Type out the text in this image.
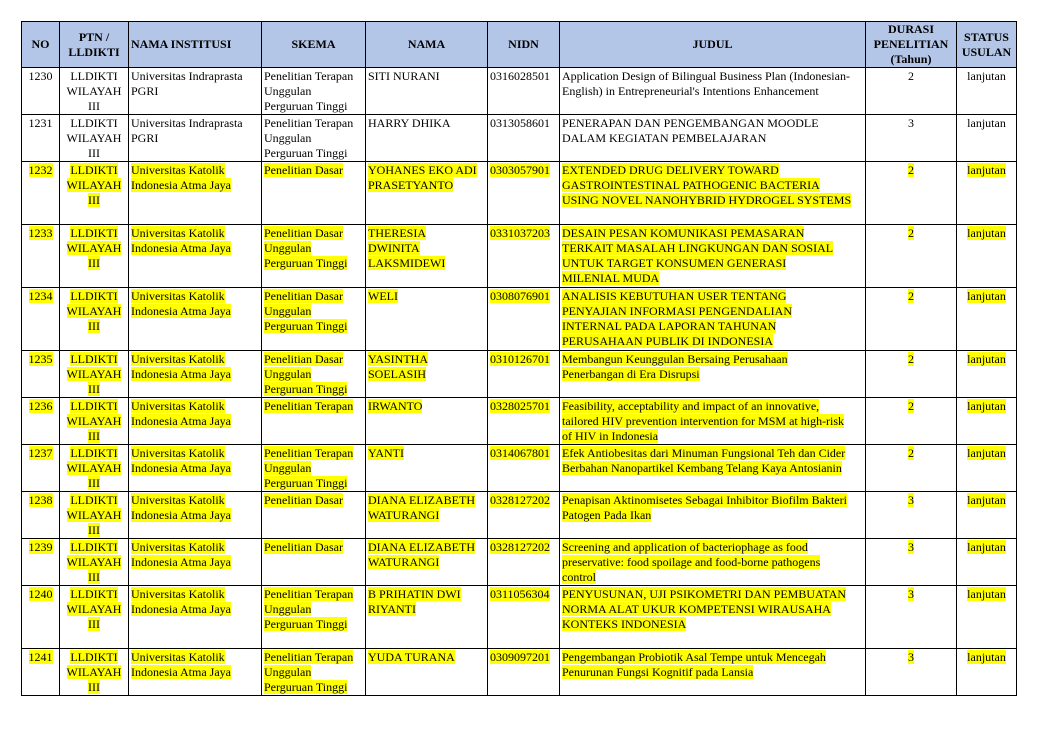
NO	PTN /
LLDIKTI	NAMA INSTITUSI	SKEMA	NAMA	NIDN	JUDUL	DURASI
PENELITIAN
(Tahun)	STATUS
USULAN
1230	LLDIKTI
WILAYAH
III	Universitas Indraprasta
PGRI	Penelitian Terapan
Unggulan
Perguruan Tinggi	SITI NURANI	0316028501	Application Design of Bilingual Business Plan (Indonesian-
English) in Entrepreneurial's Intentions Enhancement	2	lanjutan
1231	LLDIKTI
WILAYAH
III	Universitas Indraprasta
PGRI	Penelitian Terapan
Unggulan
Perguruan Tinggi	HARRY DHIKA	0313058601	PENERAPAN DAN PENGEMBANGAN MOODLE
DALAM KEGIATAN PEMBELAJARAN	3	lanjutan
1232	LLDIKTI
WILAYAH
III	Universitas Katolik
Indonesia Atma Jaya	Penelitian Dasar	YOHANES EKO ADI
PRASETYANTO	0303057901	EXTENDED DRUG DELIVERY TOWARD
GASTROINTESTINAL PATHOGENIC BACTERIA
USING NOVEL NANOHYBRID HYDROGEL SYSTEMS	2	lanjutan
1233	LLDIKTI
WILAYAH
III	Universitas Katolik
Indonesia Atma Jaya	Penelitian Dasar
Unggulan
Perguruan Tinggi	THERESIA
DWINITA
LAKSMIDEWI	0331037203	DESAIN PESAN KOMUNIKASI PEMASARAN
TERKAIT MASALAH LINGKUNGAN DAN SOSIAL
UNTUK TARGET KONSUMEN GENERASI
MILENIAL MUDA	2	lanjutan
1234	LLDIKTI
WILAYAH
III	Universitas Katolik
Indonesia Atma Jaya	Penelitian Dasar
Unggulan
Perguruan Tinggi	WELI	0308076901	ANALISIS KEBUTUHAN USER TENTANG
PENYAJIAN INFORMASI PENGENDALIAN
INTERNAL PADA LAPORAN TAHUNAN
PERUSAHAAN PUBLIK DI INDONESIA	2	lanjutan
1235	LLDIKTI
WILAYAH
III	Universitas Katolik
Indonesia Atma Jaya	Penelitian Dasar
Unggulan
Perguruan Tinggi	YASINTHA
SOELASIH	0310126701	Membangun Keunggulan Bersaing Perusahaan
Penerbangan di Era Disrupsi	2	lanjutan
1236	LLDIKTI
WILAYAH
III	Universitas Katolik
Indonesia Atma Jaya	Penelitian Terapan	IRWANTO	0328025701	Feasibility, acceptability and impact of an innovative,
tailored HIV prevention intervention for MSM at high-risk
of HIV in Indonesia	2	lanjutan
1237	LLDIKTI
WILAYAH
III	Universitas Katolik
Indonesia Atma Jaya	Penelitian Terapan
Unggulan
Perguruan Tinggi	YANTI	0314067801	Efek Antiobesitas dari Minuman Fungsional Teh dan Cider
Berbahan Nanopartikel Kembang Telang Kaya Antosianin	2	lanjutan
1238	LLDIKTI
WILAYAH
III	Universitas Katolik
Indonesia Atma Jaya	Penelitian Dasar	DIANA ELIZABETH
WATURANGI	0328127202	Penapisan Aktinomisetes Sebagai Inhibitor Biofilm Bakteri
Patogen Pada Ikan	3	lanjutan
1239	LLDIKTI
WILAYAH
III	Universitas Katolik
Indonesia Atma Jaya	Penelitian Dasar	DIANA ELIZABETH
WATURANGI	0328127202	Screening and application of bacteriophage as food
preservative: food spoilage and food-borne pathogens
control	3	lanjutan
1240	LLDIKTI
WILAYAH
III	Universitas Katolik
Indonesia Atma Jaya	Penelitian Terapan
Unggulan
Perguruan Tinggi	B PRIHATIN DWI
RIYANTI	0311056304	PENYUSUNAN, UJI PSIKOMETRI DAN PEMBUATAN
NORMA ALAT UKUR KOMPETENSI WIRAUSAHA
KONTEKS INDONESIA	3	lanjutan
1241	LLDIKTI
WILAYAH
III	Universitas Katolik
Indonesia Atma Jaya	Penelitian Terapan
Unggulan
Perguruan Tinggi	YUDA TURANA	0309097201	Pengembangan Probiotik Asal Tempe untuk Mencegah
Penurunan Fungsi Kognitif pada Lansia	3	lanjutan
